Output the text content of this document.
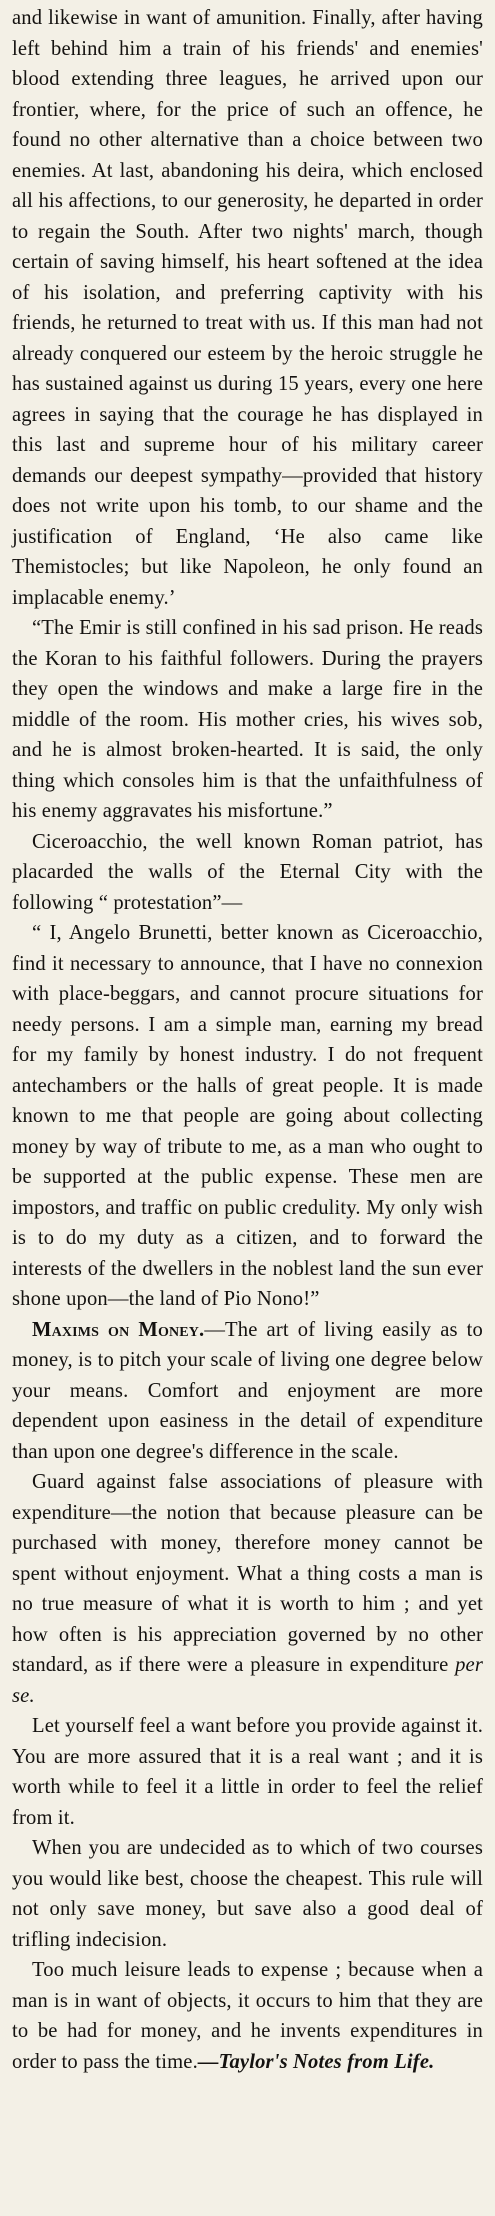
and likewise in want of amunition. Finally, after having left behind him a train of his friends' and enemies' blood extending three leagues, he arrived upon our frontier, where, for the price of such an offence, he found no other alternative than a choice between two enemies. At last, abandoning his deira, which enclosed all his affections, to our generosity, he departed in order to regain the South. After two nights' march, though certain of saving himself, his heart softened at the idea of his isolation, and preferring captivity with his friends, he returned to treat with us. If this man had not already conquered our esteem by the heroic struggle he has sustained against us during 15 years, every one here agrees in saying that the courage he has displayed in this last and supreme hour of his military career demands our deepest sympathy—provided that history does not write upon his tomb, to our shame and the justification of England, ‘He also came like Themistocles; but like Napoleon, he only found an implacable enemy.’

“The Emir is still confined in his sad prison. He reads the Koran to his faithful followers. During the prayers they open the windows and make a large fire in the middle of the room. His mother cries, his wives sob, and he is almost broken-hearted. It is said, the only thing which consoles him is that the unfaithfulness of his enemy aggravates his misfortune.”

Ciceroacchio, the well known Roman patriot, has placarded the walls of the Eternal City with the following “ protestation”—

“ I, Angelo Brunetti, better known as Ciceroacchio, find it necessary to announce, that I have no connexion with place-beggars, and cannot procure situations for needy persons. I am a simple man, earning my bread for my family by honest industry. I do not frequent antechambers or the halls of great people. It is made known to me that people are going about collecting money by way of tribute to me, as a man who ought to be supported at the public expense. These men are impostors, and traffic on public credulity. My only wish is to do my duty as a citizen, and to forward the interests of the dwellers in the noblest land the sun ever shone upon—the land of Pio Nono!”

Maxims on Money.—The art of living easily as to money, is to pitch your scale of living one degree below your means. Comfort and enjoyment are more dependent upon easiness in the detail of expenditure than upon one degree's difference in the scale.

Guard against false associations of pleasure with expenditure—the notion that because pleasure can be purchased with money, therefore money cannot be spent without enjoyment. What a thing costs a man is no true measure of what it is worth to him ; and yet how often is his appreciation governed by no other standard, as if there were a pleasure in expenditure per se.

Let yourself feel a want before you provide against it. You are more assured that it is a real want ; and it is worth while to feel it a little in order to feel the relief from it.

When you are undecided as to which of two courses you would like best, choose the cheapest. This rule will not only save money, but save also a good deal of trifling indecision.

Too much leisure leads to expense ; because when a man is in want of objects, it occurs to him that they are to be had for money, and he invents expenditures in order to pass the time.—Taylor's Notes from Life.
